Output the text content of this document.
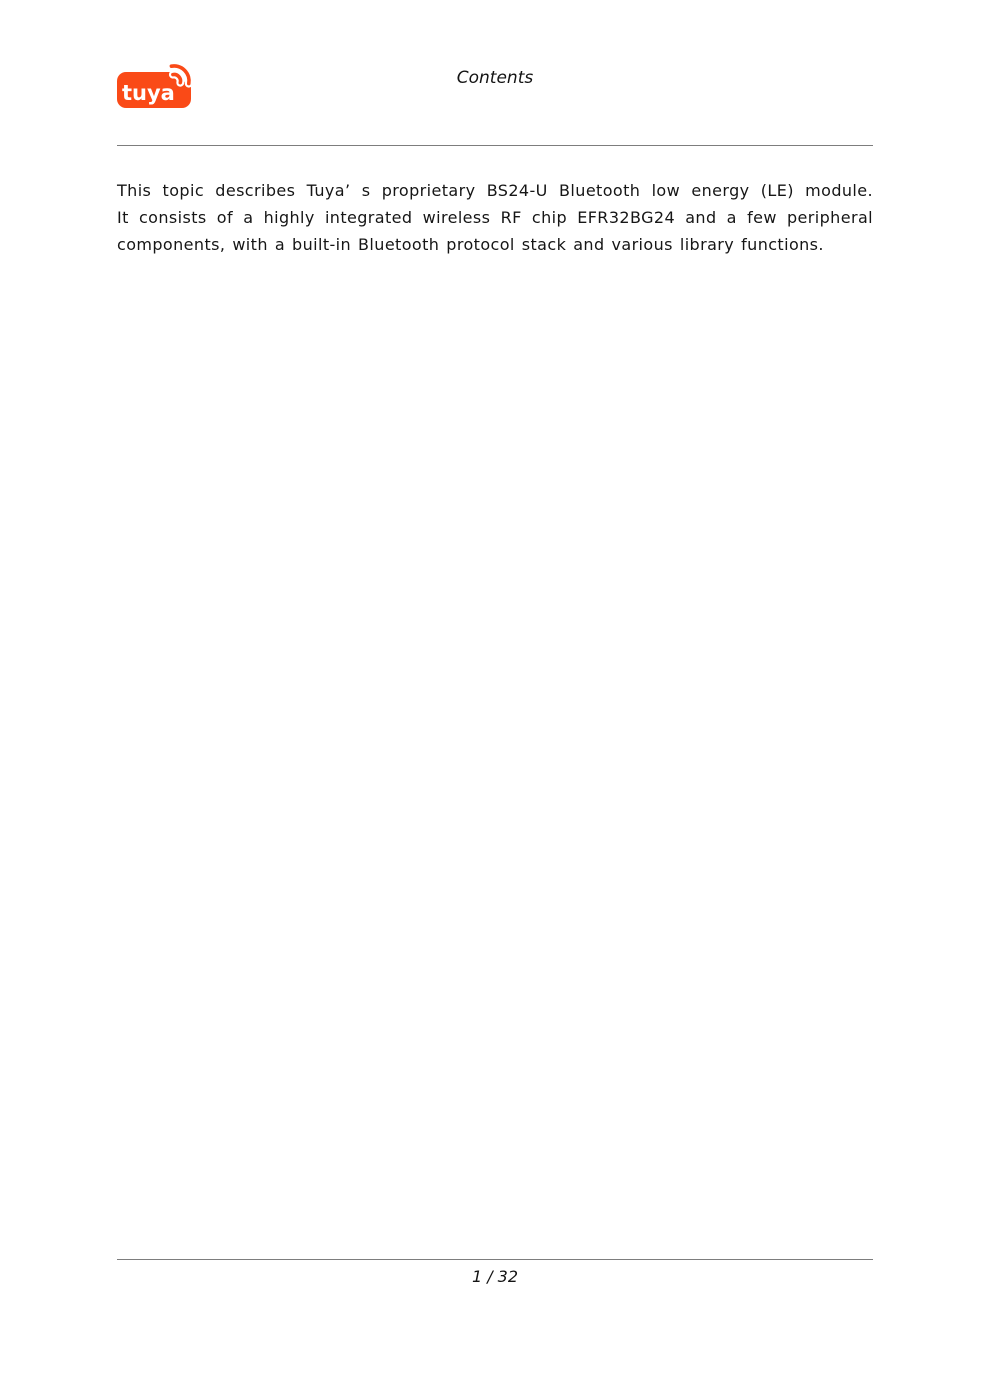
tuya
Contents
This topic describes Tuya’ s proprietary BS24-U Bluetooth low energy (LE) module.
It consists of a highly integrated wireless RF chip EFR32BG24 and a few peripheral
components, with a built-in Bluetooth protocol stack and various library functions.
1 / 32
